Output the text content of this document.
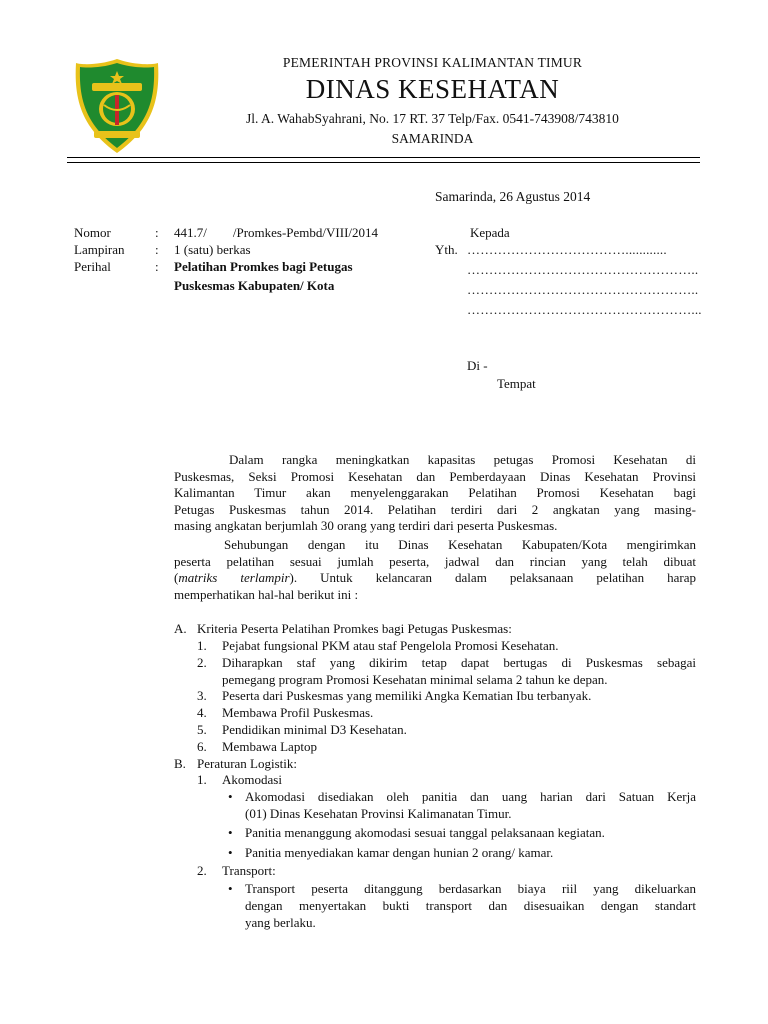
PEMERINTAH PROVINSI KALIMANTAN TIMUR
DINAS KESEHATAN
Jl. A. WahabSyahrani, No. 17 RT. 37 Telp/Fax. 0541-743908/743810
SAMARINDA
Samarinda, 26 Agustus 2014
Nomor	: 441.7/        /Promkes-Pembd/VIII/2014
Lampiran : 1 (satu) berkas
Perihal	: Pelatihan Promkes bagi Petugas
Puskesmas Kabupaten/ Kota
Kepada
Yth. ………………………………............
……………………………………………..
……………………………………………..
……………………………………………...
Di -
Tempat
Dalam rangka meningkatkan kapasitas petugas Promosi Kesehatan di
Puskesmas, Seksi Promosi Kesehatan dan Pemberdayaan Dinas Kesehatan Provinsi
Kalimantan Timur akan menyelenggarakan Pelatihan Promosi Kesehatan bagi
Petugas Puskesmas tahun 2014. Pelatihan terdiri dari 2 angkatan yang masing-
masing angkatan berjumlah 30 orang yang terdiri dari peserta Puskesmas.
Sehubungan dengan itu Dinas Kesehatan Kabupaten/Kota mengirimkan
peserta pelatihan sesuai jumlah peserta, jadwal dan rincian yang telah dibuat
(matriks terlampir). Untuk kelancaran dalam pelaksanaan pelatihan harap
memperhatikan hal-hal berikut ini :
A. Kriteria Peserta Pelatihan Promkes bagi Petugas Puskesmas:
1. Pejabat fungsional PKM atau staf Pengelola Promosi Kesehatan.
2. Diharapkan staf yang dikirim tetap dapat bertugas di Puskesmas sebagai
pemegang program Promosi Kesehatan minimal selama 2 tahun ke depan.
3. Peserta dari Puskesmas yang memiliki Angka Kematian Ibu terbanyak.
4. Membawa Profil Puskesmas.
5. Pendidikan minimal D3 Kesehatan.
6. Membawa Laptop
B. Peraturan Logistik:
1. Akomodasi
• Akomodasi disediakan oleh panitia dan uang harian dari Satuan Kerja
(01) Dinas Kesehatan Provinsi Kalimanatan Timur.
• Panitia menanggung akomodasi sesuai tanggal pelaksanaan kegiatan.
• Panitia menyediakan kamar dengan hunian 2 orang/ kamar.
2. Transport:
• Transport peserta ditanggung berdasarkan biaya riil yang dikeluarkan
dengan menyertakan bukti transport dan disesuaikan dengan standart
yang berlaku.
